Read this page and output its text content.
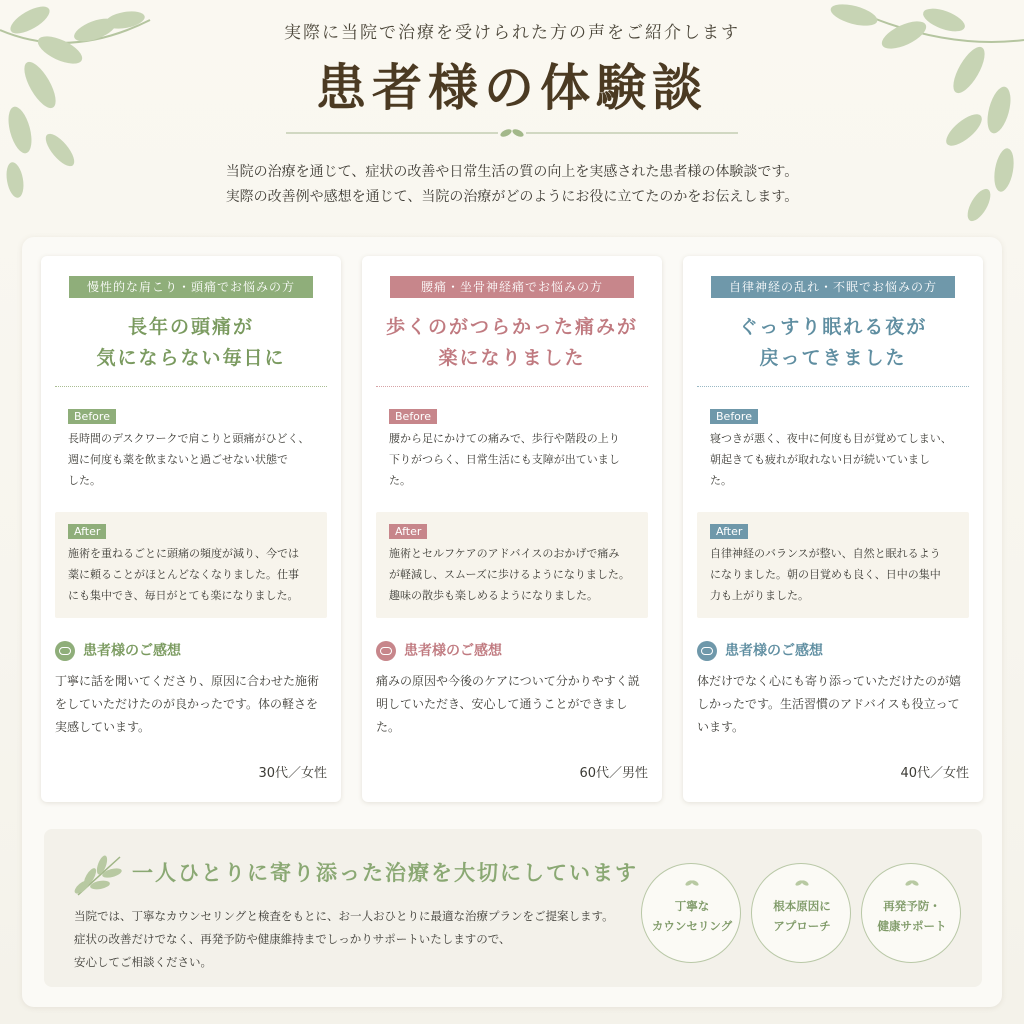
実際に当院で治療を受けられた方の声をご紹介します
患者様の体験談
当院の治療を通じて、症状の改善や日常生活の質の向上を実感された患者様の体験談です。
実際の改善例や感想を通じて、当院の治療がどのようにお役に立てたのかをお伝えします。
慢性的な肩こり・頭痛でお悩みの方
長年の頭痛が
気にならない毎日に
Before
長時間のデスクワークで肩こりと頭痛がひどく、
週に何度も薬を飲まないと過ごせない状態で
した。
After
施術を重ねるごとに頭痛の頻度が減り、今では
薬に頼ることがほとんどなくなりました。仕事
にも集中でき、毎日がとても楽になりました。
患者様のご感想
丁寧に話を聞いてくださり、原因に合わせた施術
をしていただけたのが良かったです。体の軽さを
実感しています。
30代／女性
腰痛・坐骨神経痛でお悩みの方
歩くのがつらかった痛みが
楽になりました
Before
腰から足にかけての痛みで、歩行や階段の上り
下りがつらく、日常生活にも支障が出ていまし
た。
After
施術とセルフケアのアドバイスのおかげで痛み
が軽減し、スムーズに歩けるようになりました。
趣味の散歩も楽しめるようになりました。
患者様のご感想
痛みの原因や今後のケアについて分かりやすく説
明していただき、安心して通うことができまし
た。
60代／男性
自律神経の乱れ・不眠でお悩みの方
ぐっすり眠れる夜が
戻ってきました
Before
寝つきが悪く、夜中に何度も目が覚めてしまい、
朝起きても疲れが取れない日が続いていまし
た。
After
自律神経のバランスが整い、自然と眠れるよう
になりました。朝の目覚めも良く、日中の集中
力も上がりました。
患者様のご感想
体だけでなく心にも寄り添っていただけたのが嬉
しかったです。生活習慣のアドバイスも役立って
います。
40代／女性
一人ひとりに寄り添った治療を大切にしています
当院では、丁寧なカウンセリングと検査をもとに、お一人おひとりに最適な治療プランをご提案します。
症状の改善だけでなく、再発予防や健康維持までしっかりサポートいたしますので、
安心してご相談ください。
丁寧な
カウンセリング
根本原因に
アプローチ
再発予防・
健康サポート
